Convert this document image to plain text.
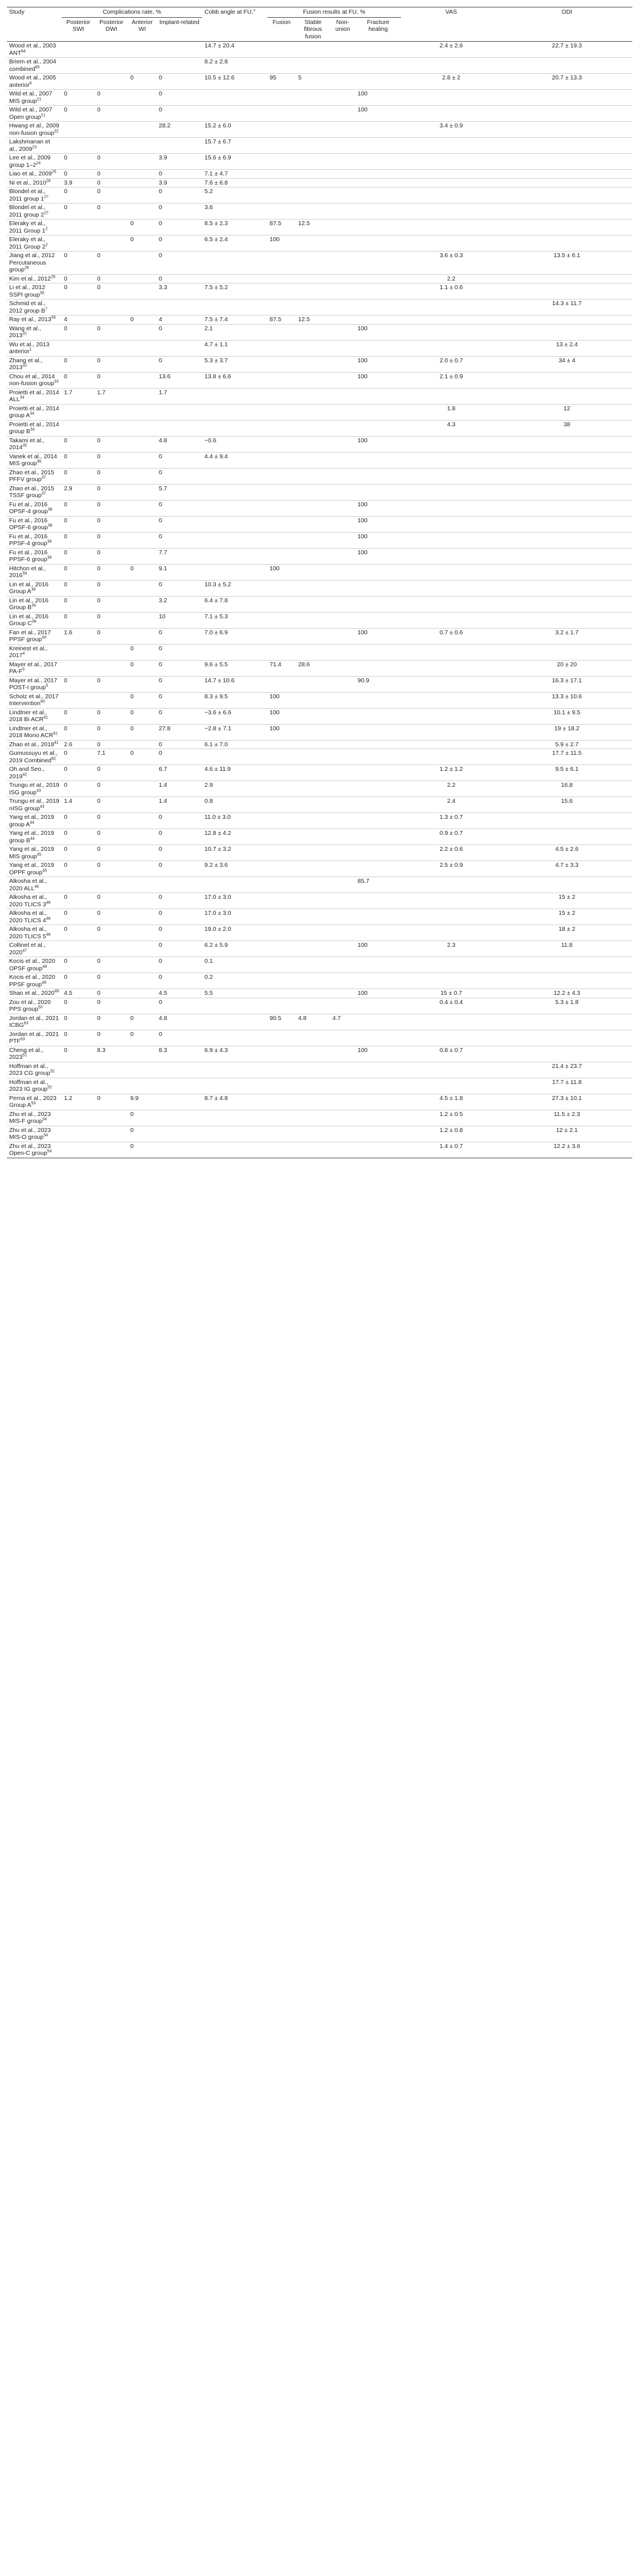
Study	Complications rate, %				Cobb angle at FU,°	Fusion results at FU, %				VAS	ODI
	Posterior SWI	Posterior DWI	Anterior WI	Implant-related		Fusion	Stable fibrous fusion	Non-union	Fracture healing		
Wood et al., 2003 ANT$^{64}$					14.7 ± 20.4					2.4 ± 2.6	22.7 ± 19.3
Briem et al., 2004 combined$^{65}$					8.2 ± 2.8						
Wood et al., 2005 anterior$^6$			0	0	10.5 ± 12.6	95	5			2.8 ± 2	20.7 ± 13.3
Wild et al., 2007 MIS group$^{21}$	0	0		0					100		
Wild et al., 2007 Open group$^{21}$	0	0		0					100		
Hwang et al., 2009 non-fusion group$^{22}$				28.2	15.2 ± 6.0					3.4 ± 0.9	
Lakshmanan et al., 2009$^{23}$					15.7 ± 6.7						
Lee et al., 2009 group $1-2^{24}$	0	0		3.9	15.6 ± 6.9						
Liao et al., 2009$^{25}$	0	0		0	7.1 ± 4.7						
Ni et al., 2010$^{26}$	3.9	0		3.9	7.6 ± 6.8						
Blondel et al., 2011 group $1^{27}$	0	0		0	5.2						
Blondel et al., 2011 group $2^{27}$	0	0		0	3.6						
Eleraky et al., 2011 Group $1^2$			0	0	8.5 ± 2.3	87.5	12.5				
Eleraky et al., 2011 Group $2^2$			0	0	6.5 ± 2.4	100					
Jiang et al., 2012 Percutaneous group$^{28}$	0	0		0						3.6 ± 0.3	13.5 ± 6.1
Kim et al., 2012$^{29}$	0	0		0						2.2	
Li et al., 2012 SSPI group$^{30}$	0	0		3.3	7.5 ± 5.2					1.1 ± 0.6	
Schmid et al., 2012 group $B^7$											14.3 ± 11.7
Ray et al., 2013$^{58}$	4		0	4	7.5 ± 7.4	87.5	12.5				
Wang et al., 2013$^{31}$	0	0		0	2.1				100		
Wu et al., 2013 anterior$^1$					4.7 ± 1.1						13 ± 2.4
Zhang et al., 2013$^{32}$	0	0		0	5.3 ± 3.7				100	2.0 ± 0.7	34 ± 4
Chou et al., 2014 non-fusion group$^{33}$	0	0		13.6	13.8 ± 6.6				100	2.1 ± 0.9	
Proietti et al., 2014 ALL$^{34}$	1.7	1.7		1.7							
Proietti et al., 2014 group $A^{34}$										1.8	12
Proietti et al., 2014 group $B^{34}$										4.3	38
Takami et al., 2014$^{35}$	0	0		4.8	−0.6				100		
Vanek et al., 2014 MIS group$^{36}$	0	0		0	4.4 ± 9.4						
Zhao et al., 2015 PFFV group$^{37}$	0	0		0							
Zhao et al., 2015 TSSF group$^{37}$	2.9	0		5.7							
Fu et al., 2016 OPSF-4 group$^{38}$	0	0		0					100		
Fu et al., 2016 OPSF-6 group$^{38}$	0	0		0					100		
Fu et al., 2016 PPSF-4 group$^{38}$	0	0		0					100		
Fu et al., 2016 PPSF-6 group$^{38}$	0	0		7.7					100		
Hitchon et al., 2016$^{59}$	0	0	0	9.1		100					
Lin et al., 2016 Group $A^{39}$	0	0		0	10.3 ± 5.2						
Lin et al., 2016 Group $B^{39}$	0	0		3.2	6.4 ± 7.8						
Lin et al., 2016 Group $C^{39}$	0	0		10	7.1 ± 5.3						
Fan et al., 2017 PPSF group$^{40}$	1.6	0		0	7.0 ± 6.9				100	0.7 ± 0.6	3.2 ± 1.7
Kreinest et al., 2017$^4$			0	0							
Mayer et al., 2017 $PA-F^5$			0	0	9.6 ± 5.5	71.4	28.6				20 ± 20
Mayer et al., 2017 POST-I group$^5$	0	0		0	14.7 ± 10.6				90.9		16.3 ± 17.1
Scholz et al., 2017 Intervention$^{60}$			0	0	8.3 ± 9.5	100					13.3 ± 10.6
Lindtner et al., 2018 Bi ACR$^{61}$	0	0	0	0	−3.6 ± 6.6	100					10.1 ± 9.5
Lindtner et al., 2018 Mono ACR$^{61}$	0	0	0	27.8	−2.8 ± 7.1	100					19 ± 18.2
Zhao et al., 2018$^{41}$	2.6	0		0	6.1 ± 7.0						5.9 ± 2.7
Gumussuyu et al., 2019 Combined$^{62}$	0	7.1	0	0							17.7 ± 11.5
Oh and Seo., 2019$^{42}$	0	0		6.7	4.6 ± 11.9					1.2 ± 1.2	9.5 ± 6.1
Trungu et al., 2019 ISG group$^{43}$	0	0		1.4	2.9					2.2	16.8
Trungu et al., 2019 nISG group$^{43}$	1.4	0		1.4	0.8					2.4	15.6
Yang et al., 2019 group $A^{44}$	0	0		0	11.0 ± 3.0					1.3 ± 0.7	
Yang et al., 2019 group $B^{44}$	0	0		0	12.8 ± 4.2					0.9 ± 0.7	
Yang et al., 2019 MIS group$^{45}$	0	0		0	10.7 ± 3.2					2.2 ± 0.6	4.5 ± 2.6
Yang et al., 2019 OPPF group$^{45}$	0	0		0	9.2 ± 3.6					2.5 ± 0.9	4.7 ± 3.3
Alkosha et al., 2020 ALL$^{46}$									85.7		
Alkosha et al., 2020 TLICS $3^{46}$	0	0		0	17.0 ± 3.0						15 ± 2
Alkosha et al., 2020 TLICS $4^{46}$	0	0		0	17.0 ± 3.0						15 ± 2
Alkosha et al., 2020 TLICS $5^{46}$	0	0		0	19.0 ± 2.0						18 ± 2
Collinet et al., 2020$^{47}$				0	6.2 ± 5.9				100	2.3	11.8
Kocis et al., 2020 OPSF group$^{48}$	0	0		0	0.1						
Kocis et al., 2020 PPSF group$^{48}$	0	0		0	0.2						
Shao et al., 2020$^{49}$	4.5	0		4.5	5.5				100	15 ± 0.7	12.2 ± 4.3
Zou et al., 2020 PPS group$^{50}$	0	0		0						0.4 ± 0.4	5.3 ± 1.8
Jordan et al., 2021 ICBG$^{63}$	0	0	0	4.8		90.5	4.8	4.7			
Jordan et al., 2021 PTF$^{63}$	0	0	0	0							
Cheng et al., 2023$^{51}$	0	8.3		8.3	6.9 ± 4.3				100	0.8 ± 0.7	
Hoffman et al., 2023 CG group$^{52}$											21.4 ± 23.7
Hoffman et al., 2023 IG group$^{52}$											17.7 ± 11.8
Perna et al., 2023 Group $A^{53}$	1.2	0	9.9		8.7 ± 4.8					4.5 ± 1.8	27.3 ± 10.1
Zhu et al., 2023 MIS-F group$^{54}$			0							1.2 ± 0.5	11.5 ± 2.3
Zhu et al., 2023 MIS-O group$^{54}$			0							1.2 ± 0.8	12 ± 2.1
Zhu et al., 2023 Open-C group$^{54}$			0							1.4 ± 0.7	12.2 ± 3.6
